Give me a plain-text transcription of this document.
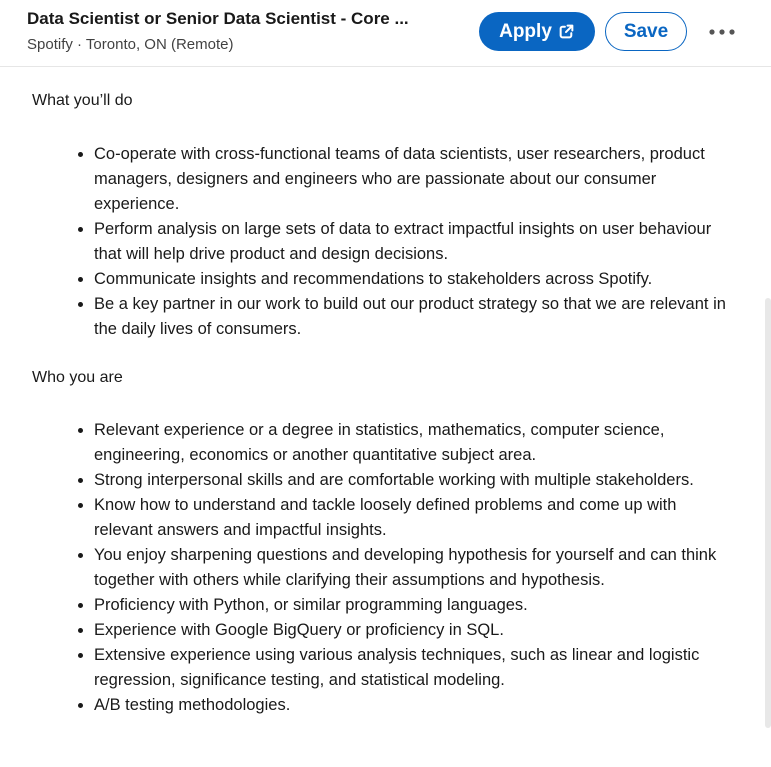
Data Scientist or Senior Data Scientist - Core ...
Spotify · Toronto, ON (Remote)
Apply	Save
What you’ll do
• Co-operate with cross-functional teams of data scientists, user researchers, product managers, designers and engineers who are passionate about our consumer experience.
• Perform analysis on large sets of data to extract impactful insights on user behaviour that will help drive product and design decisions.
• Communicate insights and recommendations to stakeholders across Spotify.
• Be a key partner in our work to build out our product strategy so that we are relevant in the daily lives of consumers.
Who you are
• Relevant experience or a degree in statistics, mathematics, computer science, engineering, economics or another quantitative subject area.
• Strong interpersonal skills and are comfortable working with multiple stakeholders.
• Know how to understand and tackle loosely defined problems and come up with relevant answers and impactful insights.
• You enjoy sharpening questions and developing hypothesis for yourself and can think together with others while clarifying their assumptions and hypothesis.
• Proficiency with Python, or similar programming languages.
• Experience with Google BigQuery or proficiency in SQL.
• Extensive experience using various analysis techniques, such as linear and logistic regression, significance testing, and statistical modeling.
• A/B testing methodologies.
